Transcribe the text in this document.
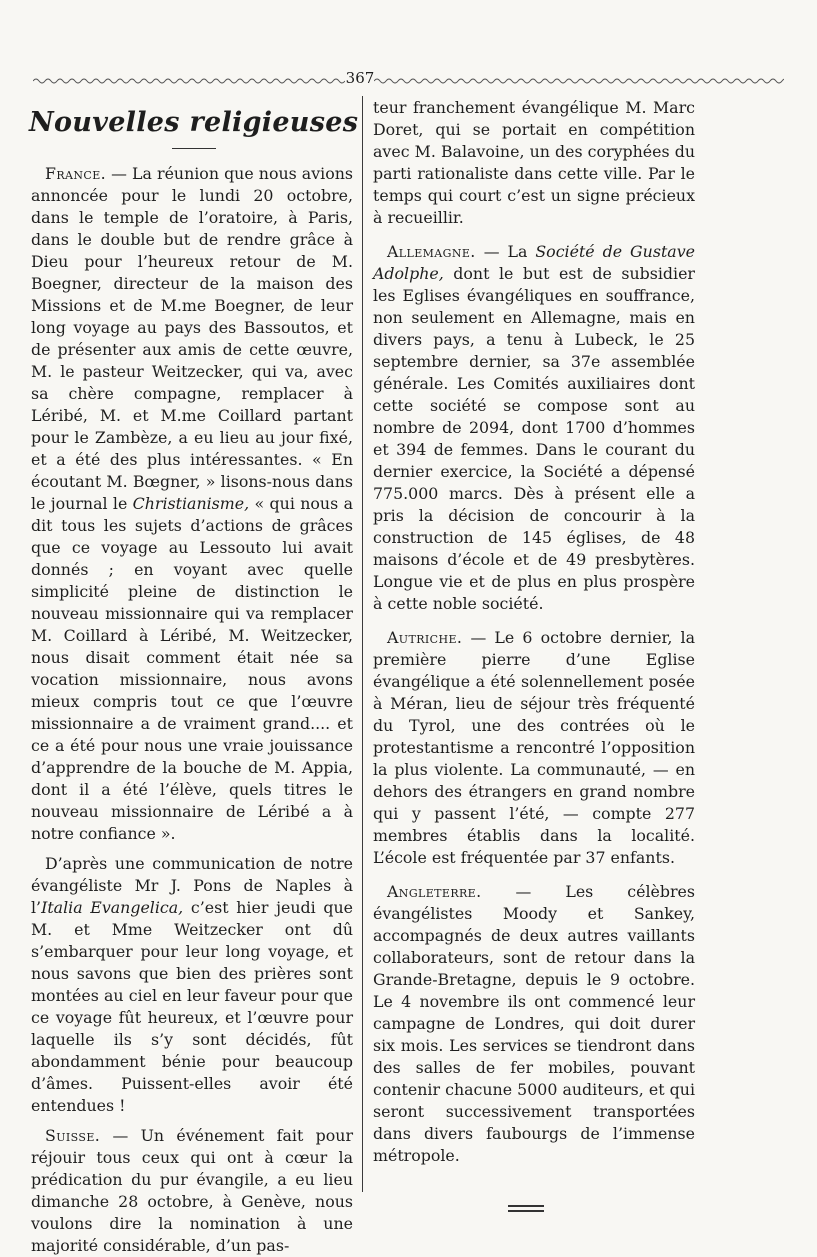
367
Nouvelles religieuses

France. — La réunion que nous avions annoncée pour le lundi 20 octobre, dans le temple de l’oratoire, à Paris, dans le double but de rendre grâce à Dieu pour l’heureux retour de M. Boegner, directeur de la maison des Missions et de M.me Boegner, de leur long voyage au pays des Bassoutos, et de présenter aux amis de cette œuvre, M. le pasteur Weitzecker, qui va, avec sa chère compagne, remplacer à Léribé, M. et M.me Coillard partant pour le Zambèze, a eu lieu au jour fixé, et a été des plus intéressantes. « En écoutant M. Bœgner, » lisons-nous dans le journal le Christianisme, « qui nous a dit tous les sujets d’actions de grâces que ce voyage au Lessouto lui avait donnés ; en voyant avec quelle simplicité pleine de distinction le nouveau missionnaire qui va remplacer M. Coillard à Léribé, M. Weitzecker, nous disait comment était née sa vocation missionnaire, nous avons mieux compris tout ce que l’œuvre missionnaire a de vraiment grand.... et ce a été pour nous une vraie jouissance d’apprendre de la bouche de M. Appia, dont il a été l’élève, quels titres le nouveau missionnaire de Léribé a à notre confiance ».

D’après une communication de notre évangéliste Mr J. Pons de Naples à l’Italia Evangelica, c’est hier jeudi que M. et Mme Weitzecker ont dû s’embarquer pour leur long voyage, et nous savons que bien des prières sont montées au ciel en leur faveur pour que ce voyage fût heureux, et l’œuvre pour laquelle ils s’y sont décidés, fût abondamment bénie pour beaucoup d’âmes. Puissent-elles avoir été entendues !

Suisse. — Un événement fait pour réjouir tous ceux qui ont à cœur la prédication du pur évangile, a eu lieu dimanche 28 octobre, à Genève, nous voulons dire la nomination à une majorité considérable, d’un pas-

teur franchement évangélique M. Marc Doret, qui se portait en compétition avec M. Balavoine, un des coryphées du parti rationaliste dans cette ville. Par le temps qui court c’est un signe précieux à recueillir.

Allemagne. — La Société de Gustave Adolphe, dont le but est de subsidier les Eglises évangéliques en souffrance, non seulement en Allemagne, mais en divers pays, a tenu à Lubeck, le 25 septembre dernier, sa 37e assemblée générale. Les Comités auxiliaires dont cette société se compose sont au nombre de 2094, dont 1700 d’hommes et 394 de femmes. Dans le courant du dernier exercice, la Société a dépensé 775.000 marcs. Dès à présent elle a pris la décision de concourir à la construction de 145 églises, de 48 maisons d’école et de 49 presbytères. Longue vie et de plus en plus prospère à cette noble société.

Autriche. — Le 6 octobre dernier, la première pierre d’une Eglise évangélique a été solennellement posée à Méran, lieu de séjour très fréquenté du Tyrol, une des contrées où le protestantisme a rencontré l’opposition la plus violente. La communauté, — en dehors des étrangers en grand nombre qui y passent l’été, — compte 277 membres établis dans la localité. L’école est fréquentée par 37 enfants.

Angleterre. — Les célèbres évangélistes Moody et Sankey, accompagnés de deux autres vaillants collaborateurs, sont de retour dans la Grande-Bretagne, depuis le 9 octobre. Le 4 novembre ils ont commencé leur campagne de Londres, qui doit durer six mois. Les services se tiendront dans des salles de fer mobiles, pouvant contenir chacune 5000 auditeurs, et qui seront successivement transportées dans divers faubourgs de l’immense métropole.
